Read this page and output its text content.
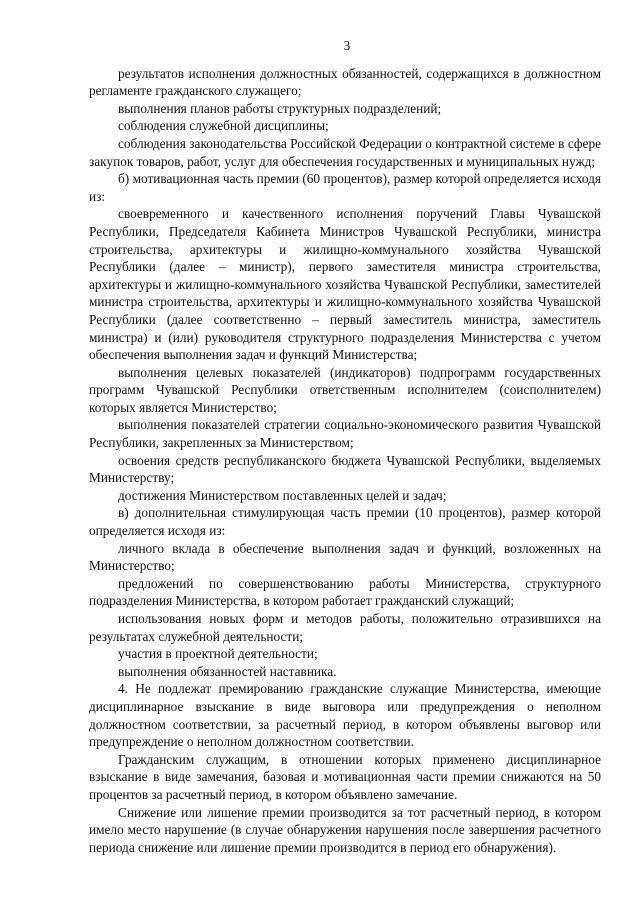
3

результатов исполнения должностных обязанностей, содержащихся в должностном регламенте гражданского служащего;

выполнения планов работы структурных подразделений;

соблюдения служебной дисциплины;

соблюдения законодательства Российской Федерации о контрактной системе в сфере закупок товаров, работ, услуг для обеспечения государственных и муниципальных нужд;

б) мотивационная часть премии (60 процентов), размер которой определяется исходя из:

своевременного и качественного исполнения поручений Главы Чувашской Республики, Председателя Кабинета Министров Чувашской Республики, министра строительства, архитектуры и жилищно-коммунального хозяйства Чувашской Республики (далее – министр), первого заместителя министра строительства, архитектуры и жилищно-коммунального хозяйства Чувашской Республики, заместителей министра строительства, архитектуры и жилищно-коммунального хозяйства Чувашской Республики (далее соответственно – первый заместитель министра, заместитель министра) и (или) руководителя структурного подразделения Министерства с учетом обеспечения выполнения задач и функций Министерства;

выполнения целевых показателей (индикаторов) подпрограмм государственных программ Чувашской Республики ответственным исполнителем (соисполнителем) которых является Министерство;

выполнения показателей стратегии социально-экономического развития Чувашской Республики, закрепленных за Министерством;

освоения средств республиканского бюджета Чувашской Республики, выделяемых Министерству;

достижения Министерством поставленных целей и задач;

в) дополнительная стимулирующая часть премии (10 процентов), размер которой определяется исходя из:

личного вклада в обеспечение выполнения задач и функций, возложенных на Министерство;

предложений по совершенствованию работы Министерства, структурного подразделения Министерства, в котором работает гражданский служащий;

использования новых форм и методов работы, положительно отразившихся на результатах служебной деятельности;

участия в проектной деятельности;

выполнения обязанностей наставника.

4. Не подлежат премированию гражданские служащие Министерства, имеющие дисциплинарное взыскание в виде выговора или предупреждения о неполном должностном соответствии, за расчетный период, в котором объявлены выговор или предупреждение о неполном должностном соответствии.

Гражданским служащим, в отношении которых применено дисциплинарное взыскание в виде замечания, базовая и мотивационная части премии снижаются на 50 процентов за расчетный период, в котором объявлено замечание.

Снижение или лишение премии производится за тот расчетный период, в котором имело место нарушение (в случае обнаружения нарушения после завершения расчетного периода снижение или лишение премии производится в период его обнаружения).
